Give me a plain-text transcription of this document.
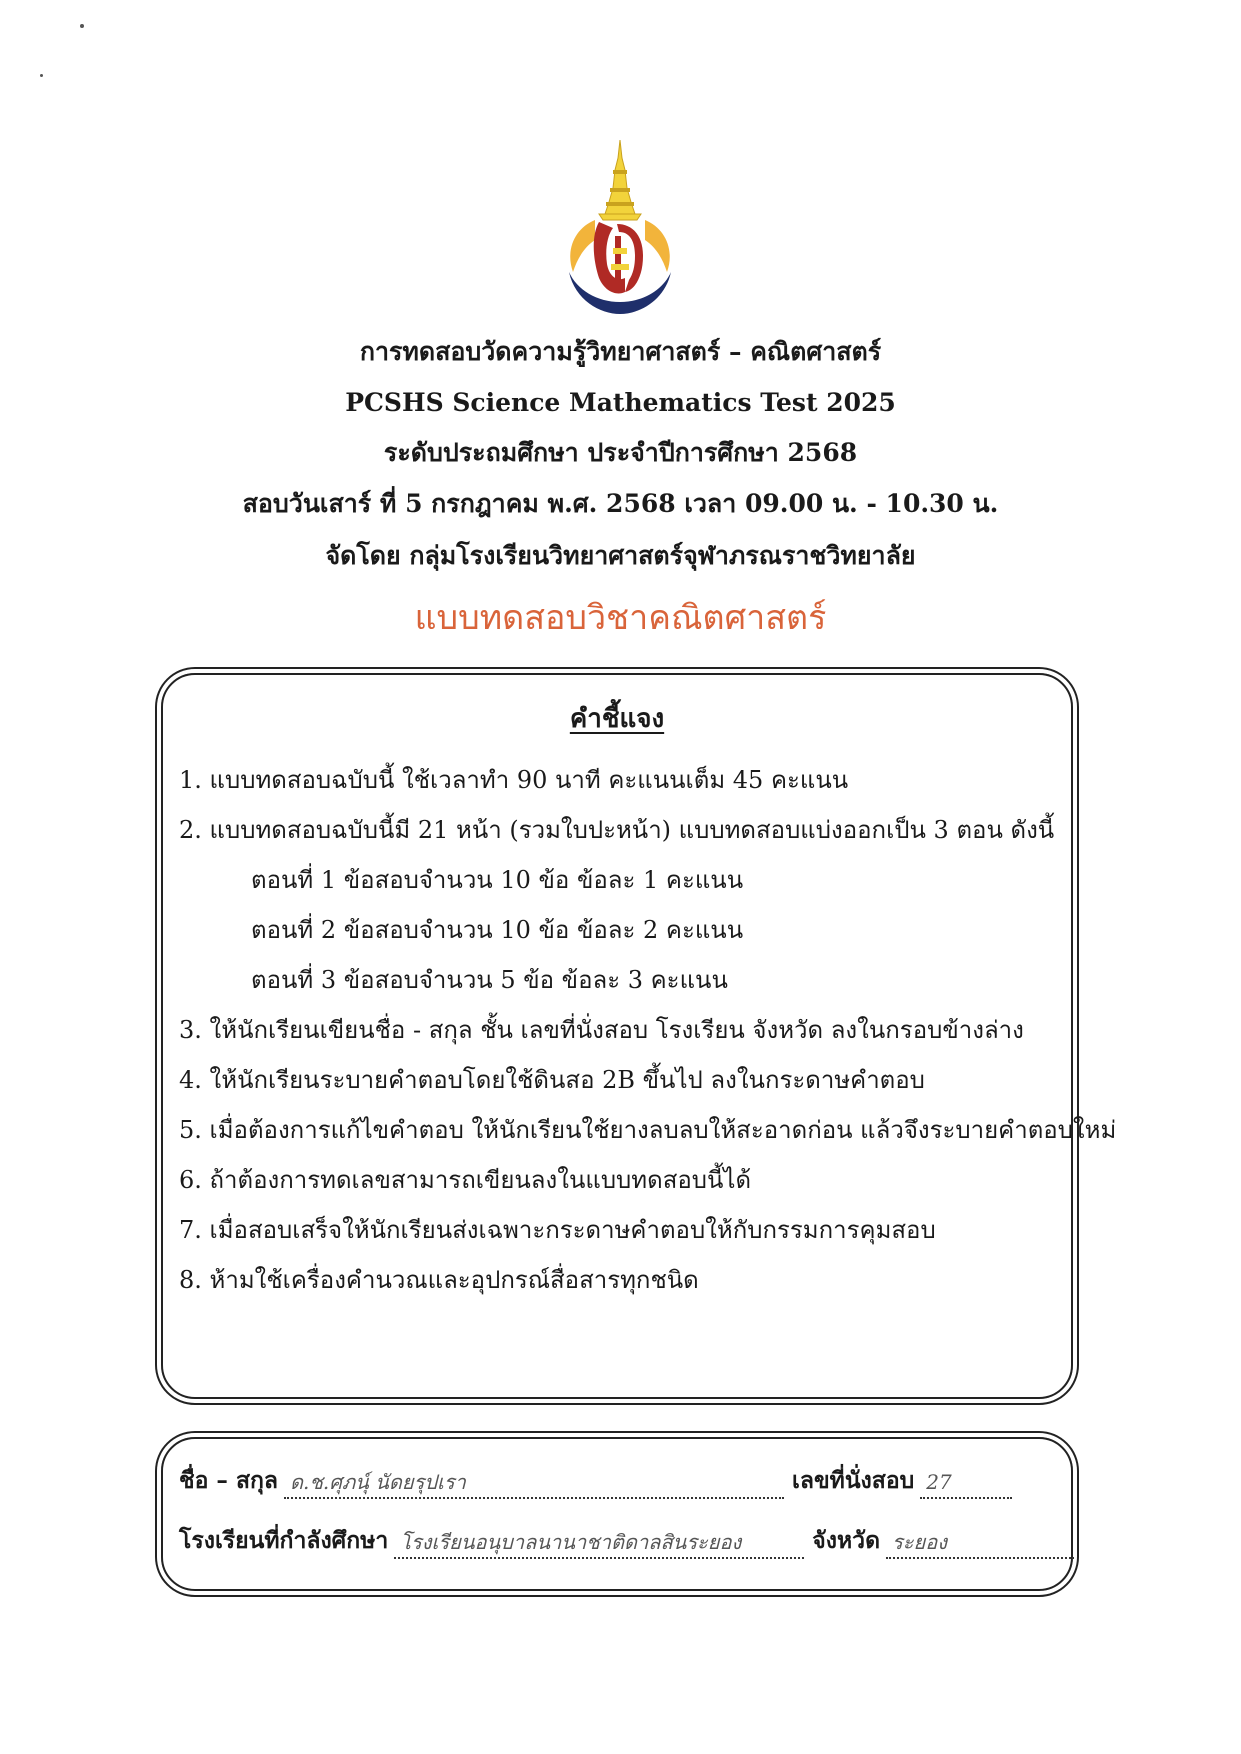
การทดสอบวัดความรู้วิทยาศาสตร์ – คณิตศาสตร์
PCSHS Science Mathematics Test 2025
ระดับประถมศึกษา ประจำปีการศึกษา 2568
สอบวันเสาร์ ที่ 5 กรกฎาคม พ.ศ. 2568 เวลา 09.00 น. - 10.30 น.
จัดโดย กลุ่มโรงเรียนวิทยาศาสตร์จุฬาภรณราชวิทยาลัย
แบบทดสอบวิชาคณิตศาสตร์
คำชี้แจง
1. แบบทดสอบฉบับนี้ ใช้เวลาทำ 90 นาที คะแนนเต็ม 45 คะแนน
2. แบบทดสอบฉบับนี้มี 21 หน้า (รวมใบปะหน้า) แบบทดสอบแบ่งออกเป็น 3 ตอน ดังนี้
ตอนที่ 1 ข้อสอบจำนวน 10 ข้อ ข้อละ 1 คะแนน
ตอนที่ 2 ข้อสอบจำนวน 10 ข้อ ข้อละ 2 คะแนน
ตอนที่ 3 ข้อสอบจำนวน 5 ข้อ ข้อละ 3 คะแนน
3. ให้นักเรียนเขียนชื่อ - สกุล ชั้น เลขที่นั่งสอบ โรงเรียน จังหวัด ลงในกรอบข้างล่าง
4. ให้นักเรียนระบายคำตอบโดยใช้ดินสอ 2B ขึ้นไป ลงในกระดาษคำตอบ
5. เมื่อต้องการแก้ไขคำตอบ ให้นักเรียนใช้ยางลบลบให้สะอาดก่อน แล้วจึงระบายคำตอบใหม่
6. ถ้าต้องการทดเลขสามารถเขียนลงในแบบทดสอบนี้ได้
7. เมื่อสอบเสร็จให้นักเรียนส่งเฉพาะกระดาษคำตอบให้กับกรรมการคุมสอบ
8. ห้ามใช้เครื่องคำนวณและอุปกรณ์สื่อสารทุกชนิด
ชื่อ – สกุล ด.ช.ศุภนุ์ นัดยรุปเรา	เลขที่นั่งสอบ 27
โรงเรียนที่กำลังศึกษา โรงเรียนอนุบาลนานาชาติดาลสินระยอง	จังหวัด ระยอง
